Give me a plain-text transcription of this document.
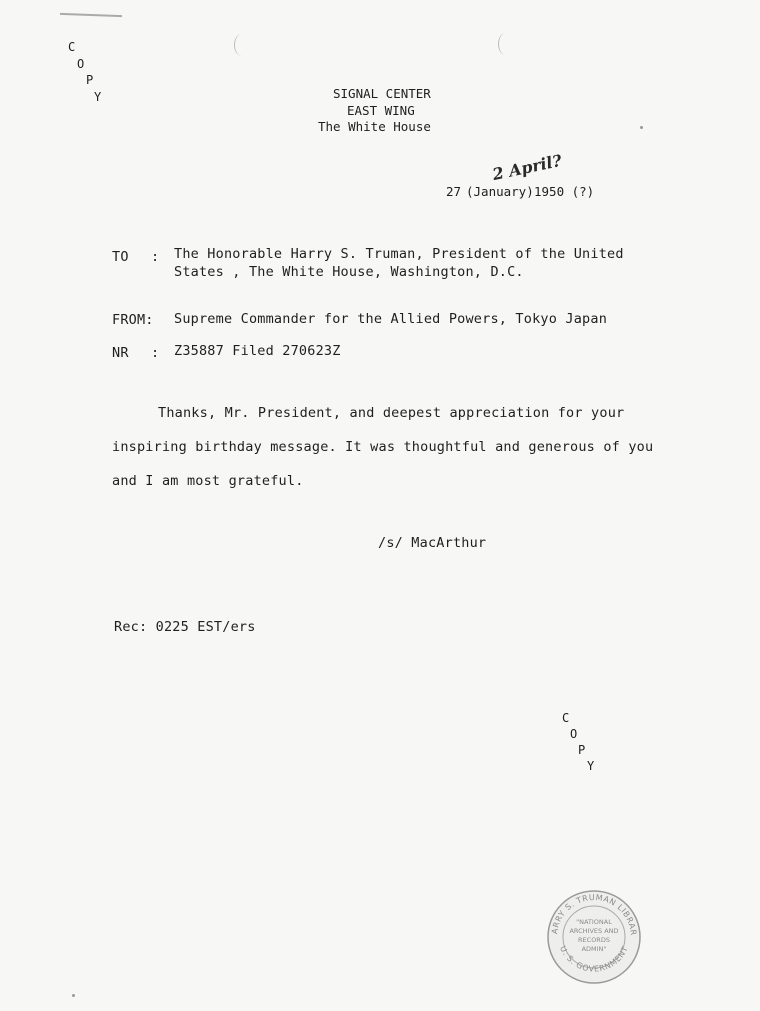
C
O
P
Y	SIGNAL CENTER
EAST WING
The White House
2 April?
27 (January) 1950 (?)
TO : The Honorable Harry S. Truman, President of the United
States , The White House, Washington, D.C.
FROM: Supreme Commander for the Allied Powers, Tokyo Japan
NR : Z35887 Filed 270623Z
Thanks, Mr. President, and deepest appreciation for your
inspiring birthday message. It was thoughtful and generous of you
and I am most grateful.
/s/ MacArthur
Rec: 0225 EST/ers
C
O
P
Y
ARRY S. TRUMAN LIBRAR
U. S. GOVERNMENT
"NATIONAL
ARCHIVES AND
RECORDS
ADMIN"
